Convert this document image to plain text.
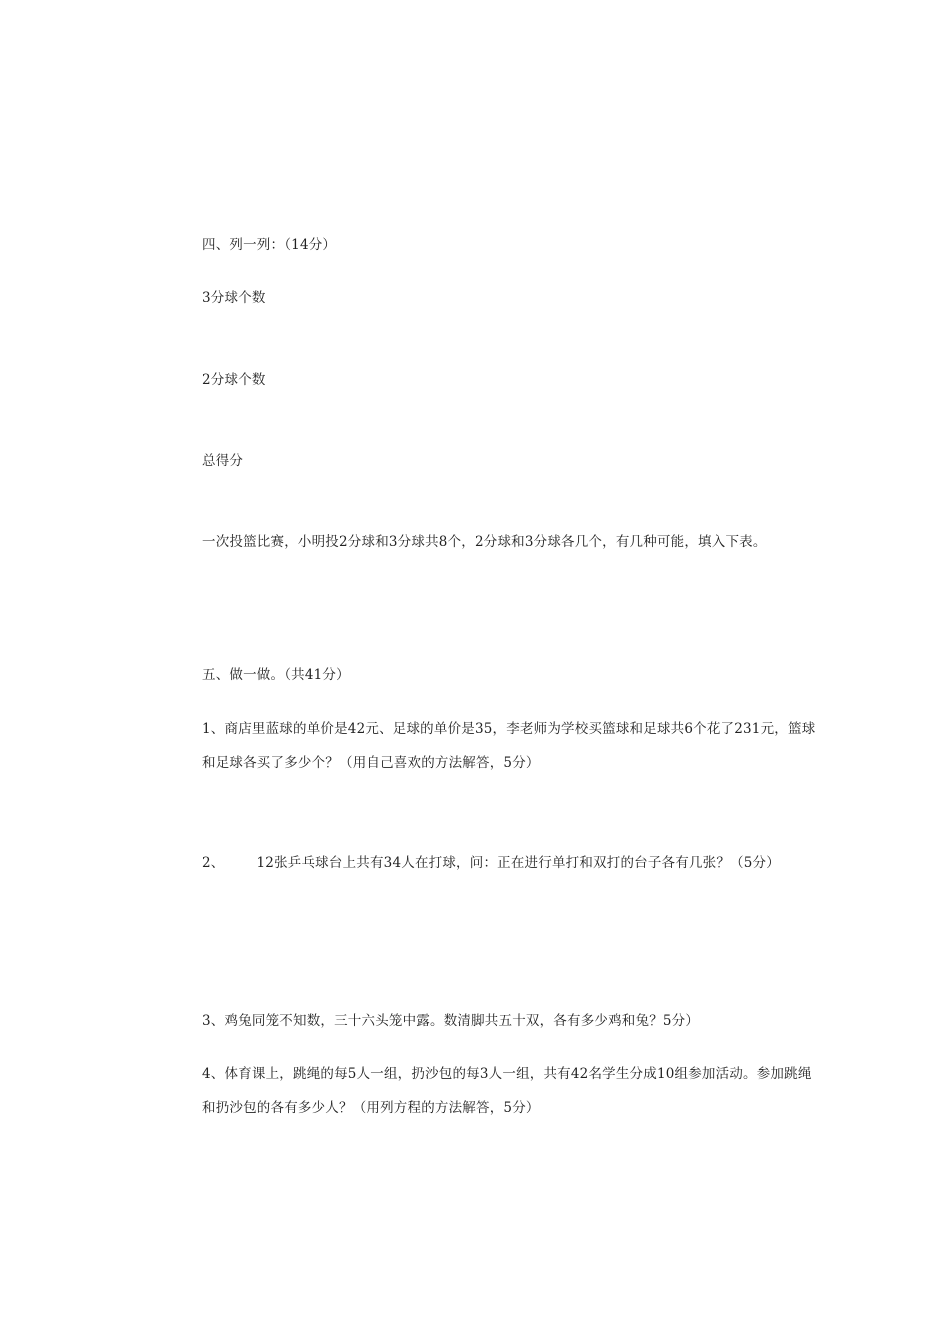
四、列一列：（14分）
3分球个数
2分球个数
总得分
一次投篮比赛，小明投2分球和3分球共8个，2分球和3分球各几个，有几种可能，填入下表。
五、做一做。（共41分）
1、商店里蓝球的单价是42元、足球的单价是35，李老师为学校买篮球和足球共6个花了231元，篮球和足球各买了多少个？（用自己喜欢的方法解答，5分）
2、 12张乒乓球台上共有34人在打球，问：正在进行单打和双打的台子各有几张？（5分）
3、鸡兔同笼不知数，三十六头笼中露。数清脚共五十双，各有多少鸡和兔？5分）
4、体育课上，跳绳的每5人一组，扔沙包的每3人一组，共有42名学生分成10组参加活动。参加跳绳和扔沙包的各有多少人？（用列方程的方法解答，5分）
